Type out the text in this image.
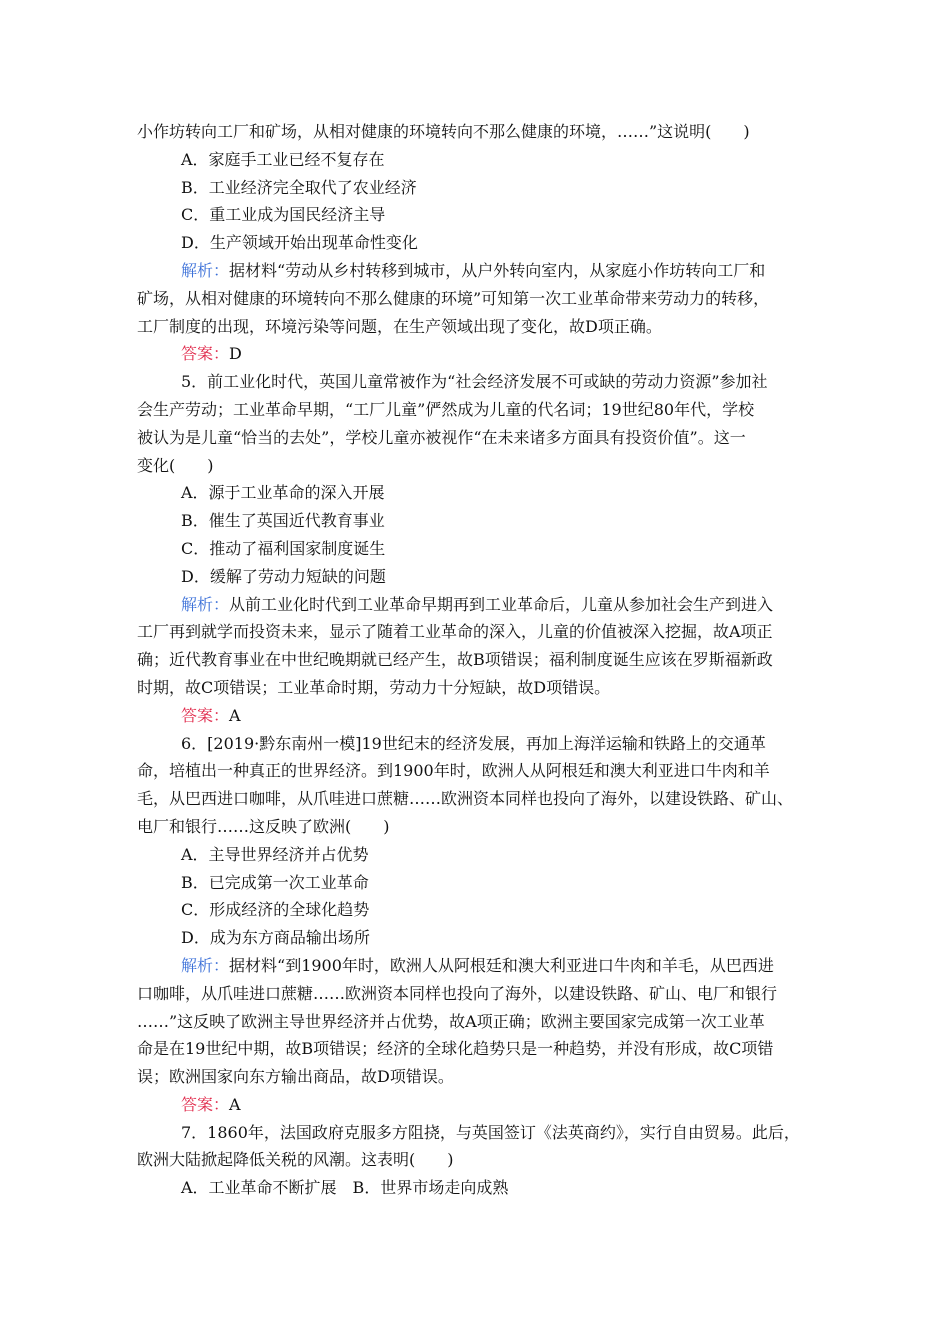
小作坊转向工厂和矿场，从相对健康的环境转向不那么健康的环境，……”这说明(　　)
A．家庭手工业已经不复存在
B．工业经济完全取代了农业经济
C．重工业成为国民经济主导
D．生产领域开始出现革命性变化
解析：据材料“劳动从乡村转移到城市，从户外转向室内，从家庭小作坊转向工厂和
矿场，从相对健康的环境转向不那么健康的环境”可知第一次工业革命带来劳动力的转移，
工厂制度的出现，环境污染等问题，在生产领域出现了变化，故D项正确。
答案：D
5．前工业化时代，英国儿童常被作为“社会经济发展不可或缺的劳动力资源”参加社
会生产劳动；工业革命早期，“工厂儿童”俨然成为儿童的代名词；19世纪80年代，学校
被认为是儿童“恰当的去处”，学校儿童亦被视作“在未来诸多方面具有投资价值”。这一
变化(　　)
A．源于工业革命的深入开展
B．催生了英国近代教育事业
C．推动了福利国家制度诞生
D．缓解了劳动力短缺的问题
解析：从前工业化时代到工业革命早期再到工业革命后，儿童从参加社会生产到进入
工厂再到就学而投资未来，显示了随着工业革命的深入，儿童的价值被深入挖掘，故A项正
确；近代教育事业在中世纪晚期就已经产生，故B项错误；福利制度诞生应该在罗斯福新政
时期，故C项错误；工业革命时期，劳动力十分短缺，故D项错误。
答案：A
6．[2019·黔东南州一模]19世纪末的经济发展，再加上海洋运输和铁路上的交通革
命，培植出一种真正的世界经济。到1900年时，欧洲人从阿根廷和澳大利亚进口牛肉和羊
毛，从巴西进口咖啡，从爪哇进口蔗糖……欧洲资本同样也投向了海外，以建设铁路、矿山、
电厂和银行……这反映了欧洲(　　)
A．主导世界经济并占优势
B．已完成第一次工业革命
C．形成经济的全球化趋势
D．成为东方商品输出场所
解析：据材料“到1900年时，欧洲人从阿根廷和澳大利亚进口牛肉和羊毛，从巴西进
口咖啡，从爪哇进口蔗糖……欧洲资本同样也投向了海外，以建设铁路、矿山、电厂和银行
……”这反映了欧洲主导世界经济并占优势，故A项正确；欧洲主要国家完成第一次工业革
命是在19世纪中期，故B项错误；经济的全球化趋势只是一种趋势，并没有形成，故C项错
误；欧洲国家向东方输出商品，故D项错误。
答案：A
7．1860年，法国政府克服多方阻挠，与英国签订《法英商约》，实行自由贸易。此后，
欧洲大陆掀起降低关税的风潮。这表明(　　)
A．工业革命不断扩展　B．世界市场走向成熟
